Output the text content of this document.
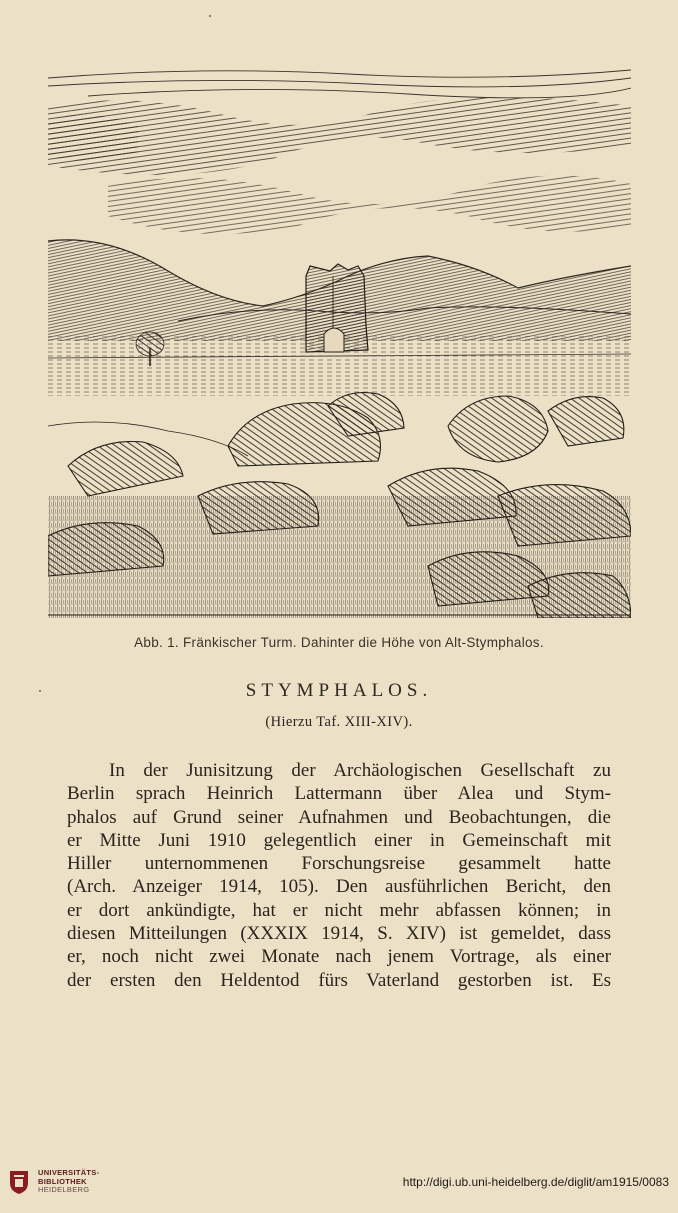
Abb. 1. Fränkischer Turm. Dahinter die Höhe von Alt-Stymphalos.
STYMPHALOS.
(Hierzu Taf. XIII-XIV).
In der Junisitzung der Archäologischen Gesellschaft zu
Berlin sprach Heinrich Lattermann über Alea und Stym-
phalos auf Grund seiner Aufnahmen und Beobachtungen, die
er Mitte Juni 1910 gelegentlich einer in Gemeinschaft mit
Hiller unternommenen Forschungsreise gesammelt hatte
(Arch. Anzeiger 1914, 105). Den ausführlichen Bericht, den
er dort ankündigte, hat er nicht mehr abfassen können; in
diesen Mitteilungen (XXXIX 1914, S. XIV) ist gemeldet, dass
er, noch nicht zwei Monate nach jenem Vortrage, als einer
der ersten den Heldentod fürs Vaterland gestorben ist. Es
UNIVERSITÄTS-
BIBLIOTHEK
HEIDELBERG
http://digi.ub.uni-heidelberg.de/diglit/am1915/0083
